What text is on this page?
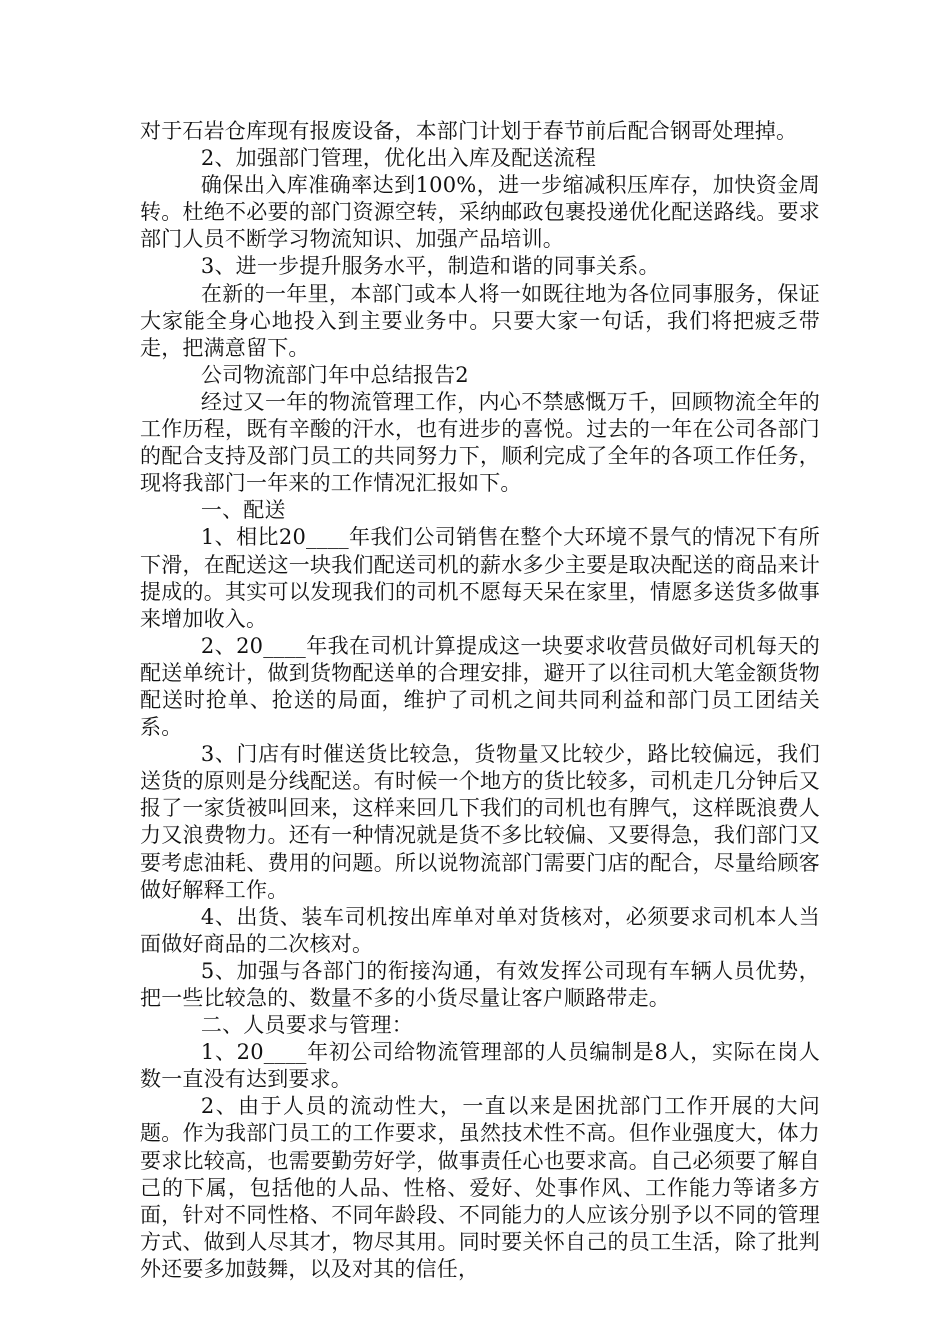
对于石岩仓库现有报废设备，本部门计划于春节前后配合钢哥处理掉。

2、加强部门管理，优化出入库及配送流程

确保出入库准确率达到100%，进一步缩减积压库存，加快资金周转。杜绝不必要的部门资源空转，采纳邮政包裹投递优化配送路线。要求部门人员不断学习物流知识、加强产品培训。

3、进一步提升服务水平，制造和谐的同事关系。

在新的一年里，本部门或本人将一如既往地为各位同事服务，保证大家能全身心地投入到主要业务中。只要大家一句话，我们将把疲乏带走，把满意留下。

公司物流部门年中总结报告2

经过又一年的物流管理工作，内心不禁感慨万千，回顾物流全年的工作历程，既有辛酸的汗水，也有进步的喜悦。过去的一年在公司各部门的配合支持及部门员工的共同努力下，顺利完成了全年的各项工作任务，现将我部门一年来的工作情况汇报如下。

一、配送

1、相比20____年我们公司销售在整个大环境不景气的情况下有所下滑，在配送这一块我们配送司机的薪水多少主要是取决配送的商品来计提成的。其实可以发现我们的司机不愿每天呆在家里，情愿多送货多做事来增加收入。

2、20____年我在司机计算提成这一块要求收营员做好司机每天的配送单统计，做到货物配送单的合理安排，避开了以往司机大笔金额货物配送时抢单、抢送的局面，维护了司机之间共同利益和部门员工团结关系。

3、门店有时催送货比较急，货物量又比较少，路比较偏远，我们送货的原则是分线配送。有时候一个地方的货比较多，司机走几分钟后又报了一家货被叫回来，这样来回几下我们的司机也有脾气，这样既浪费人力又浪费物力。还有一种情况就是货不多比较偏、又要得急，我们部门又要考虑油耗、费用的问题。所以说物流部门需要门店的配合，尽量给顾客做好解释工作。

4、出货、装车司机按出库单对单对货核对，必须要求司机本人当面做好商品的二次核对。

5、加强与各部门的衔接沟通，有效发挥公司现有车辆人员优势，把一些比较急的、数量不多的小货尽量让客户顺路带走。

二、人员要求与管理：

1、20____年初公司给物流管理部的人员编制是8人，实际在岗人数一直没有达到要求。

2、由于人员的流动性大，一直以来是困扰部门工作开展的大问题。作为我部门员工的工作要求，虽然技术性不高。但作业强度大，体力要求比较高，也需要勤劳好学，做事责任心也要求高。自己必须要了解自己的下属，包括他的人品、性格、爱好、处事作风、工作能力等诸多方面，针对不同性格、不同年龄段、不同能力的人应该分别予以不同的管理方式、做到人尽其才，物尽其用。同时要关怀自己的员工生活，除了批判外还要多加鼓舞，以及对其的信任，
